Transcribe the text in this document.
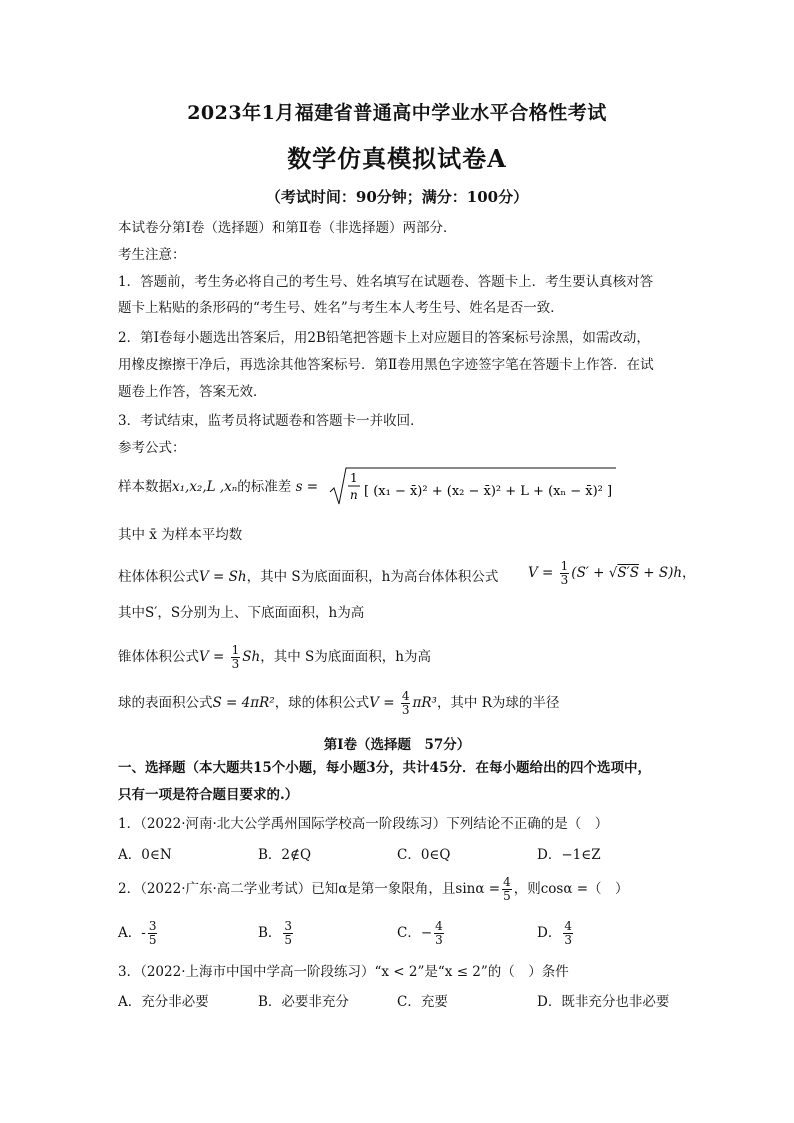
2023年1月福建省普通高中学业水平合格性考试
数学仿真模拟试卷A
（考试时间：90分钟；满分：100分）
本试卷分第Ⅰ卷（选择题）和第Ⅱ卷（非选择题）两部分．
考生注意：
1．答题前，考生务必将自己的考生号、姓名填写在试题卷、答题卡上．考生要认真核对答
题卡上粘贴的条形码的“考生号、姓名”与考生本人考生号、姓名是否一致．
2．第Ⅰ卷每小题选出答案后，用2B铅笔把答题卡上对应题目的答案标号涂黑，如需改动，
用橡皮擦擦干净后，再选涂其他答案标号．第Ⅱ卷用黑色字迹签字笔在答题卡上作答．在试
题卷上作答，答案无效．
3．考试结束，监考员将试题卷和答题卡一并收回．
参考公式：
样本数据x₁,x₂,L ,xₙ的标准差 s =
1
n [ (x₁ − x̄)² + (x₂ − x̄)² + L + (xₙ − x̄)² ]
其中 x̄ 为样本平均数
柱体体积公式V = Sh，其中 S为底面面积，h为高台体体积公式	$V = \frac{1}{3} (S' + √S'S + S)h$，
其中S′，S分别为上、下底面面积，h为高
锥体体积公式$V = \frac{1}{3}$ Sh，其中 S为底面面积，h为高
球的表面积公式S = 4πR²，球的体积公式$V = \frac{4}{3} \pi R^3$，其中 R为球的半径
第Ⅰ卷（选择题　57分）
一、选择题（本大题共15个小题，每小题3分，共计45分．在每小题给出的四个选项中，
只有一项是符合题目要求的.）
1．（2022·河南·北大公学禹州国际学校高一阶段练习）下列结论不正确的是（　）
A．0∈N	B．2∉Q	C．0∈Q	D．−1∈Z
2．（2022·广东·高二学业考试）已知α是第一象限角，且$\sin\alpha = \frac{4}{5}$ ，则cosα =（　）
A．- $\frac{3}{5}$	B． $\frac{3}{5}$	C．− $\frac{4}{3}$	D． $\frac{4}{3}$
3．（2022·上海市中国中学高一阶段练习）“x < 2”是“x ≤ 2”的（　）条件
A．充分非必要	B．必要非充分	C．充要	D．既非充分也非必要
